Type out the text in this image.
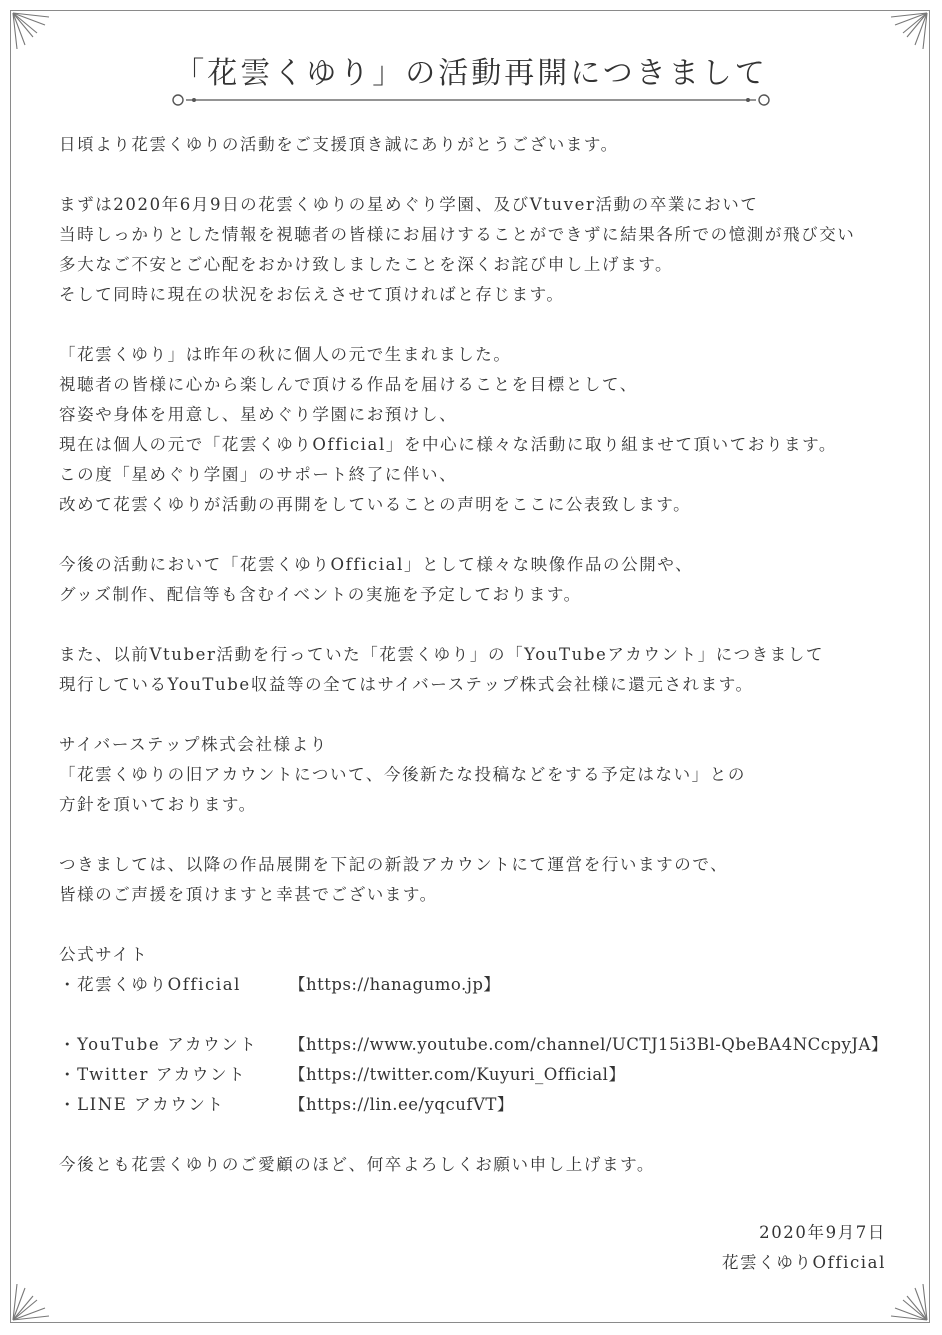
「花雲くゆり」の活動再開につきまして
日頃より花雲くゆりの活動をご支援頂き誠にありがとうございます。
まずは2020年6月9日の花雲くゆりの星めぐり学園、及びVtuver活動の卒業において
当時しっかりとした情報を視聴者の皆様にお届けすることができずに結果各所での憶測が飛び交い
多大なご不安とご心配をおかけ致しましたことを深くお詫び申し上げます。
そして同時に現在の状況をお伝えさせて頂ければと存じます。
「花雲くゆり」は昨年の秋に個人の元で生まれました。
視聴者の皆様に心から楽しんで頂ける作品を届けることを目標として、
容姿や身体を用意し、星めぐり学園にお預けし、
現在は個人の元で「花雲くゆりOfficial」を中心に様々な活動に取り組ませて頂いております。
この度「星めぐり学園」のサポート終了に伴い、
改めて花雲くゆりが活動の再開をしていることの声明をここに公表致します。
今後の活動において「花雲くゆりOfficial」として様々な映像作品の公開や、
グッズ制作、配信等も含むイベントの実施を予定しております。
また、以前Vtuber活動を行っていた「花雲くゆり」の「YouTubeアカウント」につきまして
現行しているYouTube収益等の全てはサイバーステップ株式会社様に還元されます。
サイバーステップ株式会社様より
「花雲くゆりの旧アカウントについて、今後新たな投稿などをする予定はない」との
方針を頂いております。
つきましては、以降の作品展開を下記の新設アカウントにて運営を行いますので、
皆様のご声援を頂けますと幸甚でございます。
公式サイト
・花雲くゆりOfficial	【https://hanagumo.jp】
・YouTube アカウント 【https://www.youtube.com/channel/UCTJ15i3Bl-QbeBA4NCcpyJA】
・Twitter アカウント	【https://twitter.com/Kuyuri_Official】
・LINE アカウント	【https://lin.ee/yqcufVT】
今後とも花雲くゆりのご愛顧のほど、何卒よろしくお願い申し上げます。
2020年9月7日
花雲くゆりOfficial
